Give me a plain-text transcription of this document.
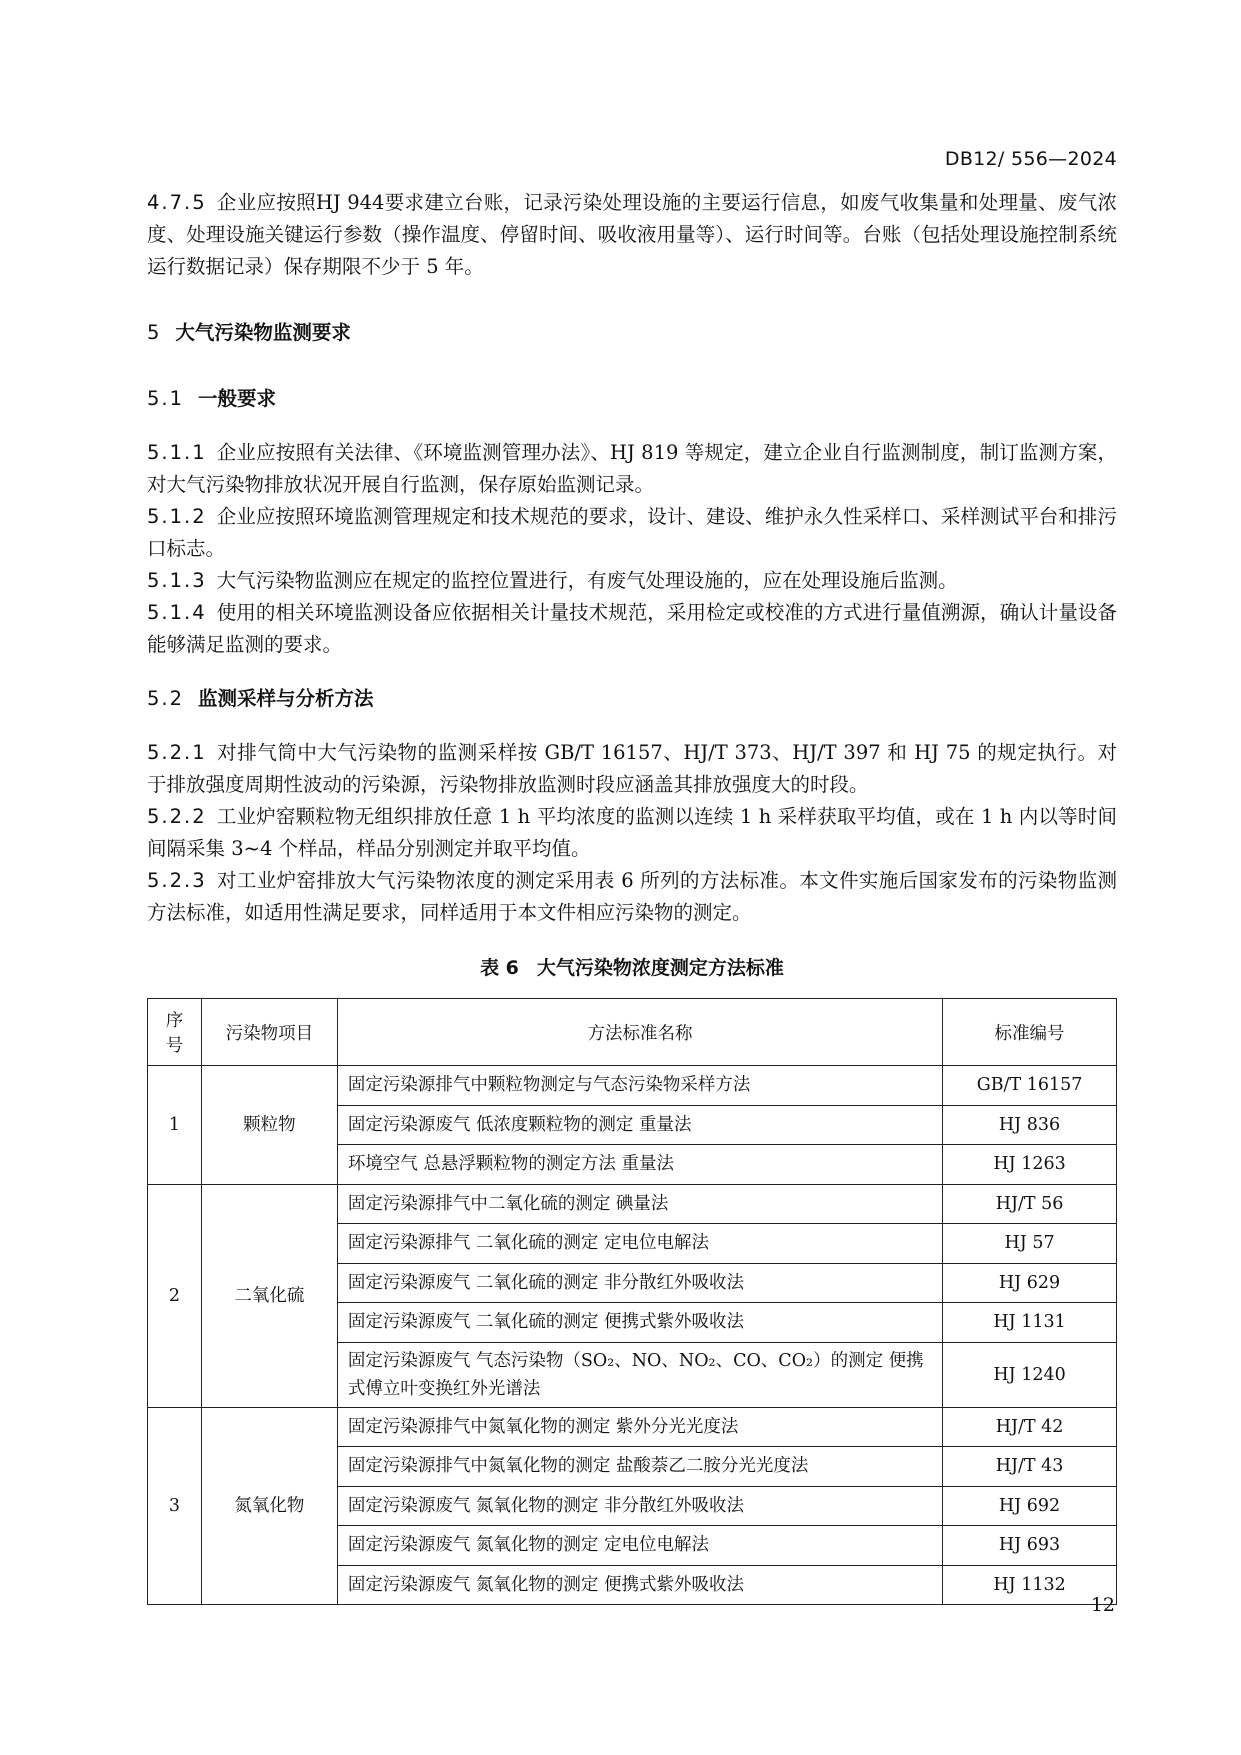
DB12/ 556—2024

4.7.5 企业应按照HJ 944要求建立台账，记录污染处理设施的主要运行信息，如废气收集量和处理量、废气浓度、处理设施关键运行参数（操作温度、停留时间、吸收液用量等）、运行时间等。台账（包括处理设施控制系统运行数据记录）保存期限不少于 5 年。

5 大气污染物监测要求
5.1 一般要求

5.1.1 企业应按照有关法律、《环境监测管理办法》、HJ 819 等规定，建立企业自行监测制度，制订监测方案，对大气污染物排放状况开展自行监测，保存原始监测记录。

5.1.2 企业应按照环境监测管理规定和技术规范的要求，设计、建设、维护永久性采样口、采样测试平台和排污口标志。

5.1.3 大气污染物监测应在规定的监控位置进行，有废气处理设施的，应在处理设施后监测。

5.1.4 使用的相关环境监测设备应依据相关计量技术规范，采用检定或校准的方式进行量值溯源，确认计量设备能够满足监测的要求。

5.2 监测采样与分析方法

5.2.1 对排气筒中大气污染物的监测采样按 GB/T 16157、HJ/T 373、HJ/T 397 和 HJ 75 的规定执行。对于排放强度周期性波动的污染源，污染物排放监测时段应涵盖其排放强度大的时段。

5.2.2 工业炉窑颗粒物无组织排放任意 1 h 平均浓度的监测以连续 1 h 采样获取平均值，或在 1 h 内以等时间间隔采集 3~4 个样品，样品分别测定并取平均值。

5.2.3 对工业炉窑排放大气污染物浓度的测定采用表 6 所列的方法标准。本文件实施后国家发布的污染物监测方法标准，如适用性满足要求，同样适用于本文件相应污染物的测定。

表 6 大气污染物浓度测定方法标准
序号	污染物项目	方法标准名称	标准编号
1	颗粒物	固定污染源排气中颗粒物测定与气态污染物采样方法	GB/T 16157
		固定污染源废气 低浓度颗粒物的测定 重量法	HJ 836
		环境空气 总悬浮颗粒物的测定方法 重量法	HJ 1263
2	二氧化硫	固定污染源排气中二氧化硫的测定 碘量法	HJ/T 56
		固定污染源排气 二氧化硫的测定 定电位电解法	HJ 57
		固定污染源废气 二氧化硫的测定 非分散红外吸收法	HJ 629
		固定污染源废气 二氧化硫的测定 便携式紫外吸收法	HJ 1131
		固定污染源废气 气态污染物（SO₂、NO、NO₂、CO、CO₂）的测定 便携式傅立叶变换红外光谱法	HJ 1240
3	氮氧化物	固定污染源排气中氮氧化物的测定 紫外分光光度法	HJ/T 42
		固定污染源排气中氮氧化物的测定 盐酸萘乙二胺分光光度法	HJ/T 43
		固定污染源废气 氮氧化物的测定 非分散红外吸收法	HJ 692
		固定污染源废气 氮氧化物的测定 定电位电解法	HJ 693
		固定污染源废气 氮氧化物的测定 便携式紫外吸收法	HJ 1132
12
